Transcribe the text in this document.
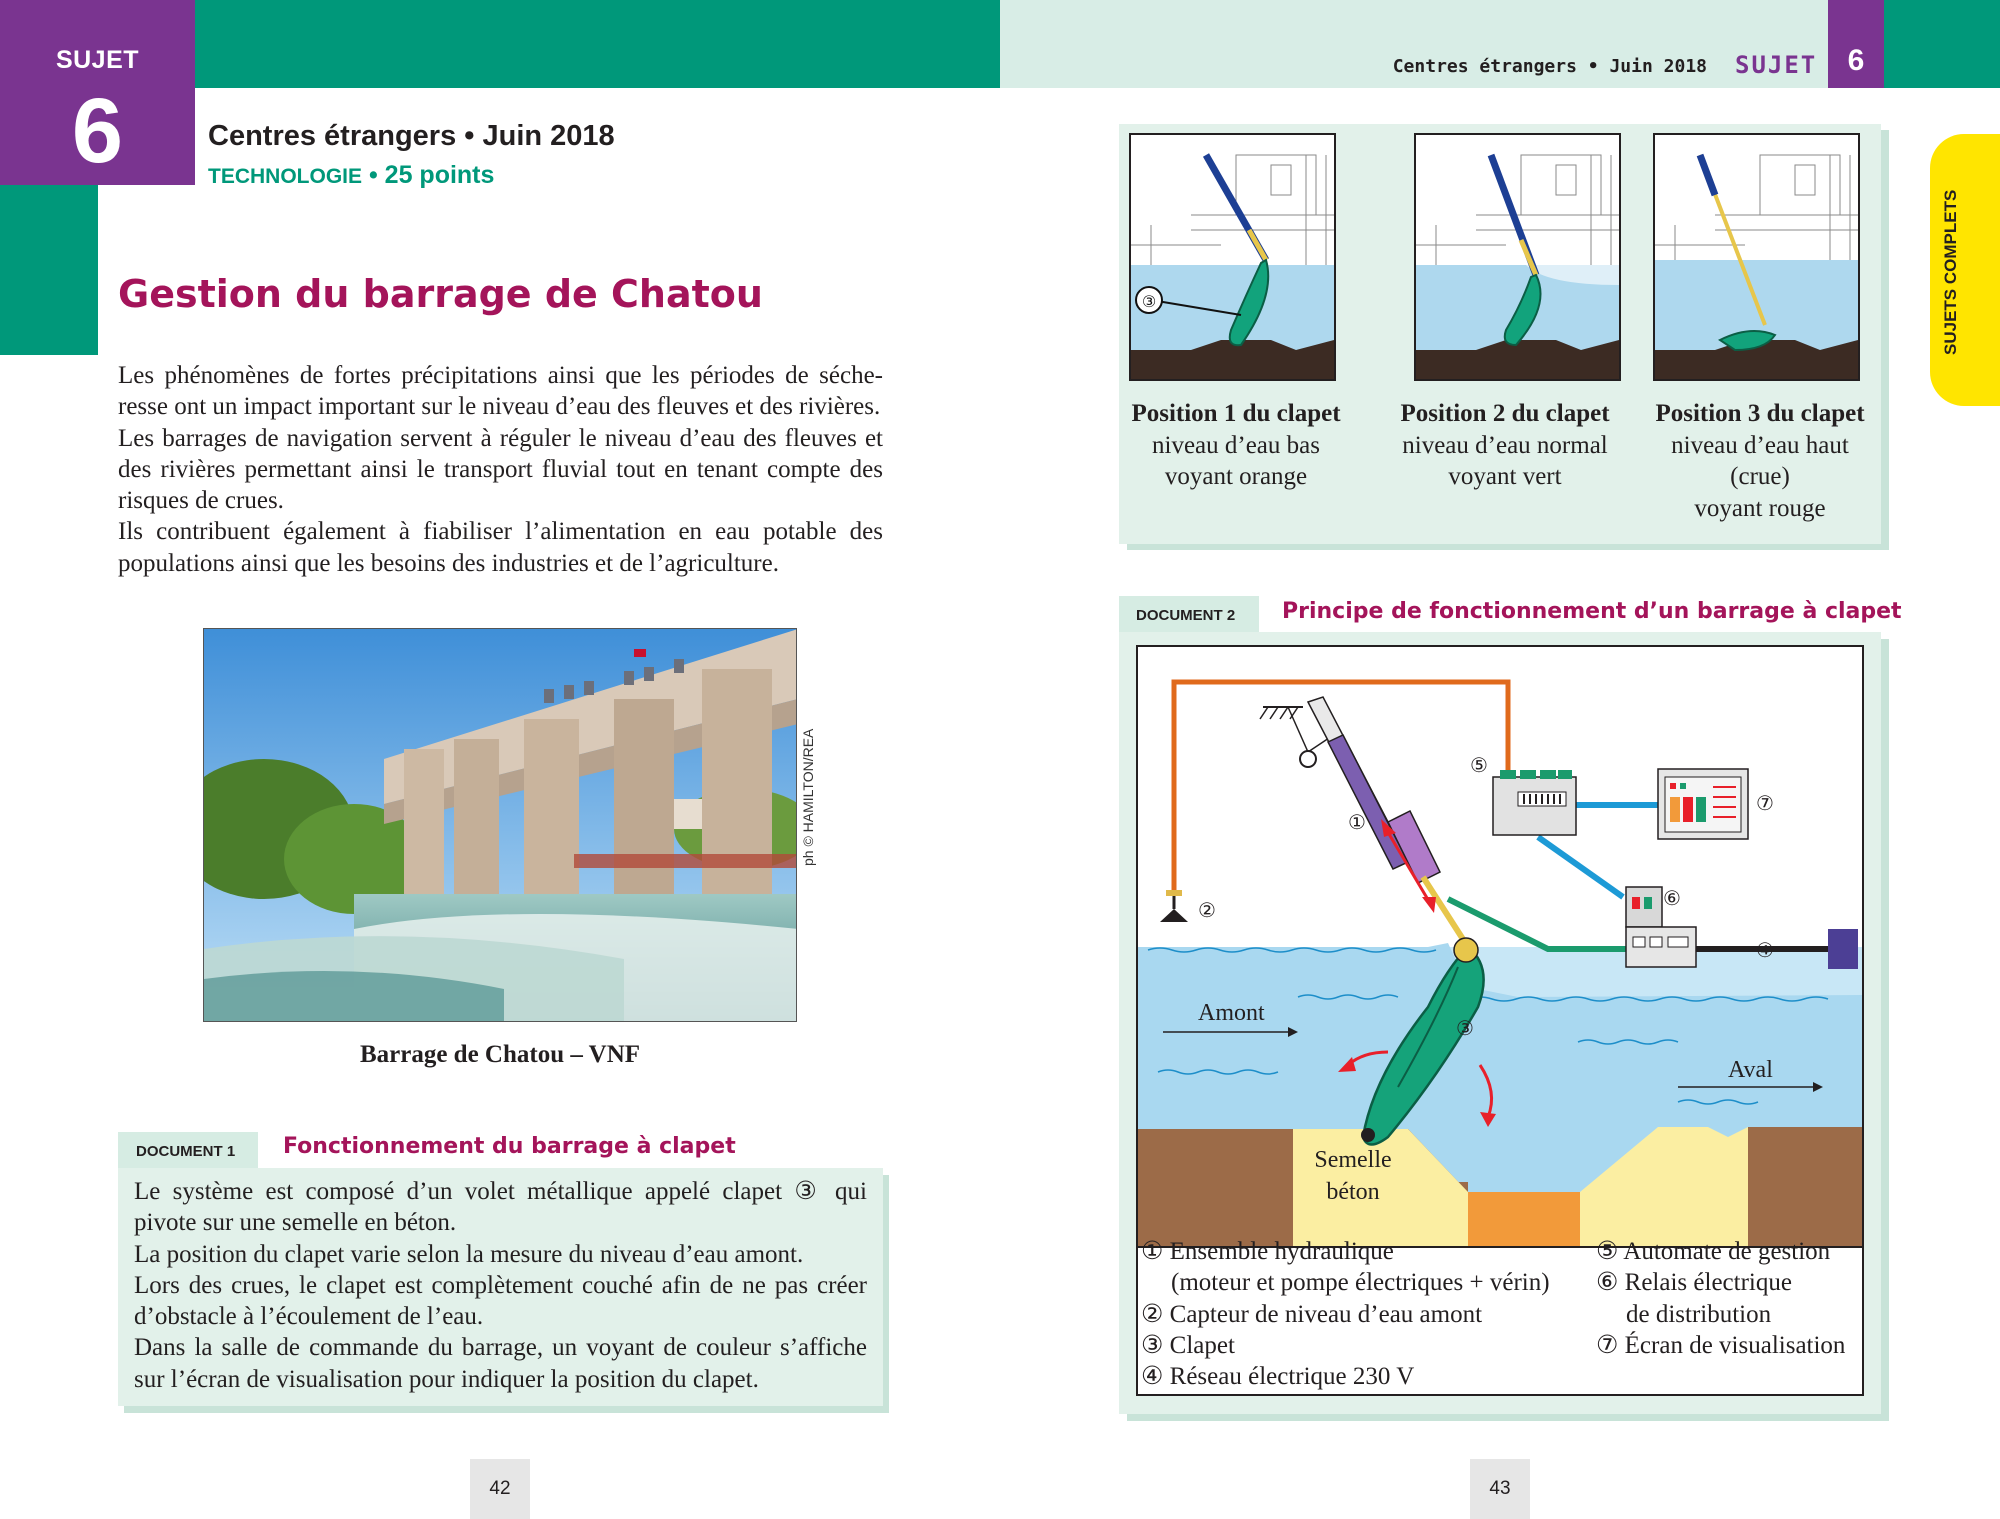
SUJET
6	Centres étrangers • Juin 2018
TECHNOLOGIE • 25 points
Gestion du barrage de Chatou

Les phénomènes de fortes précipitations ainsi que les périodes de séche-resse ont un impact important sur le niveau d’eau des fleuves et des rivières.

Les barrages de navigation servent à réguler le niveau d’eau des fleuves et des rivières permettant ainsi le transport fluvial tout en tenant compte des risques de crues.

Ils contribuent également à fiabiliser l’alimentation en eau potable des populations ainsi que les besoins des industries et de l’agriculture.

ph © HAMILTON/REA
Barrage de Chatou – VNF
DOCUMENT 1	Fonctionnement du barrage à clapet

Le système est composé d’un volet métallique appelé clapet ③ qui pivote sur une semelle en béton.

La position du clapet varie selon la mesure du niveau d’eau amont.

Lors des crues, le clapet est complètement couché afin de ne pas créer d’obstacle à l’écoulement de l’eau.

Dans la salle de commande du barrage, un voyant de couleur s’affiche sur l’écran de visualisation pour indiquer la position du clapet.

42
Centres étrangers • Juin 2018 SUJET	6
SUJETS COMPLETS
③
Position 1 du clapet
niveau d’eau bas
voyant orange
Position 2 du clapet
niveau d’eau normal
voyant vert
Position 3 du clapet
niveau d’eau haut
(crue)
voyant rouge
DOCUMENT 2	Principe de fonctionnement d’un barrage à clapet
Amont
Aval
Semelle
béton
①
②
③
④
⑤
⑥
⑦
① Ensemble hydraulique
(moteur et pompe électriques + vérin)
② Capteur de niveau d’eau amont
③ Clapet
④ Réseau électrique 230 V
⑤ Automate de gestion
⑥ Relais électrique
de distribution
⑦ Écran de visualisation
43
